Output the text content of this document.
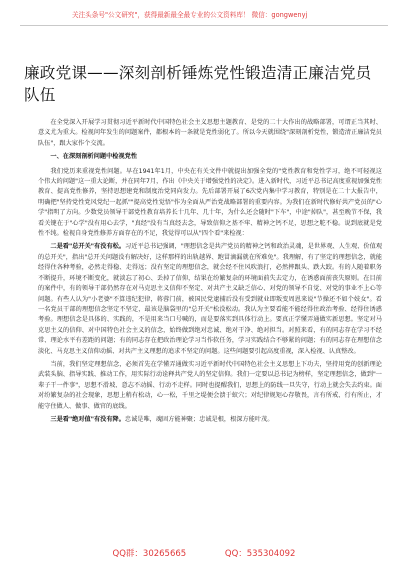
关注头条号"公文研究"，获得最新最全最专业的公文资料库！ 微信：gongwenyj
廉政党课——深刻剖析锤炼党性锻造清正廉洁党员队伍

在全党深入开展学习贯彻习近平新时代中国特色社会主义思想主题教育、是党的二十大作出的战略部署，可谓正当其时、意义尤为重大。检视问年发生的问题案件，都根本的一条就是党性弱化了。所以今天就围绕"深刻剖析党性，锻造清正廉洁党员队伍"，跟大家作个交流。

一、在深刻剖析问题中检视党性

我们党历来重视党性问题。早在1941年1月，中央在有关文件中就提出加强全党的"党性教育和党性学习，绝不可轻视这个伟大的问题"这一重大论断，并在同年7月，作出《中央关于增强党性的决定》。进入新时代，习近平总书记高度重视加强党性教育、提高党性修养，坚持思想建党和制度治党同向发力。先后部署开展了6次党内集中学习教育，特别是在二十大报告中，明确把"坚持党性党风党纪一起抓""提高党性觉悟"作为全面从严治党战略部署的重要内容。为我们在新时代修好共产党员的"心学"指明了方向。少数党员领导干部党性教育培养长十几年、几十年，为什么还会随时"下车"，中途"掉队"，甚至晚节不保，我看关键在于"心学"没有用心去学，"真经"没有当真经去念，导致信仰之基不牢、精神之钙不足，思想之舵不稳。说到底就是党性不纯。检视自身党性修养方面存在的不足，我觉得可以从"四个看"来检视：

二是看"总开关"有没有松。习近平总书记强调，"理想信念是共产党员的精神之钙和政治灵魂，是世界观、人生观、价值观的总开关"，指出"总开关问题没有解决好，这样那样的出轨越界、跑冒滴漏就在所难免"。我理解，有了坚定的理想信念，就能经得住各种考验，必然走得稳、走得远；没有坚定的理想信念，就会经不住风吹浪打，必然摔跟头、跌大跤。有的人随着职务不断提升，环境不断变化，就淡忘了初心、丢掉了信仰，结果在纷繁复杂的环境面前失去定力，在诱惑面前丧失原则。在目前的案件中，有的领导干部仍然存在对马克思主义信仰不坚定、对共产主义缺乏信心、对党的领导不自觉、对党的事业不上心等问题。有些人认为"小老婆"不算违纪犯律，蒋蓉门前，被国民党逮捕后没有受到就业即叛变周恩来说"节操还不如个妓女"。看一名党员干部的理想信念坚定不坚定，最该是脑袋里的"总开关"松没松动。我认为主要看能不能经得住政治考验、经得住诱惑考验。理想信念是具体的、实践的，不是用来当口号喊的，而是要落实到具体行动上。要真正学懂弄通做实新思想。坚定对马克思主义的信仰、对中国特色社会主义的信念，始终做到绝对忠诚、绝对干净、绝对担当。对照来看，有的同志存在学习不经常、理论水平有差距的问题；有的同志存在把政治理论学习当作软任务，学习实践结合不够紧的问题；有的同志存在理想信念淡化、马克思主义信仰动摇、对共产主义理想的追求不坚定的问题。这些问题要引起高度重视，深入检视、认真整改。

当前，我们坚定理想信念，必须首先在学懂弄通做实习近平新时代中国特色社会主义思想上下功夫，坚持用党的创新理论武装头脑、指导实践、推动工作，用实际行动诠释共产党人的坚定信仰。我们一定要以总书记为榜样，坚定理想信念，做到"一辈子干一件事"，思想不滑坡、意志不动摇、行动不走样。同时也提醒我们，思想上的防线一旦失守，行动上就会失去约束。面对纷繁复杂的社会现象，思想上稍有松动，心一松，千里之堤便会溃于蚁穴；对纪律规矩心存敬畏，言有所戒、行有所止，才能守住做人、做事、做官的底线。

三是看"绝对值"有没有降。忠诚是唯，魂固方能神聚；忠诚是根，根深方能叶茂。

QQ群：30265665	QQ：535304092
